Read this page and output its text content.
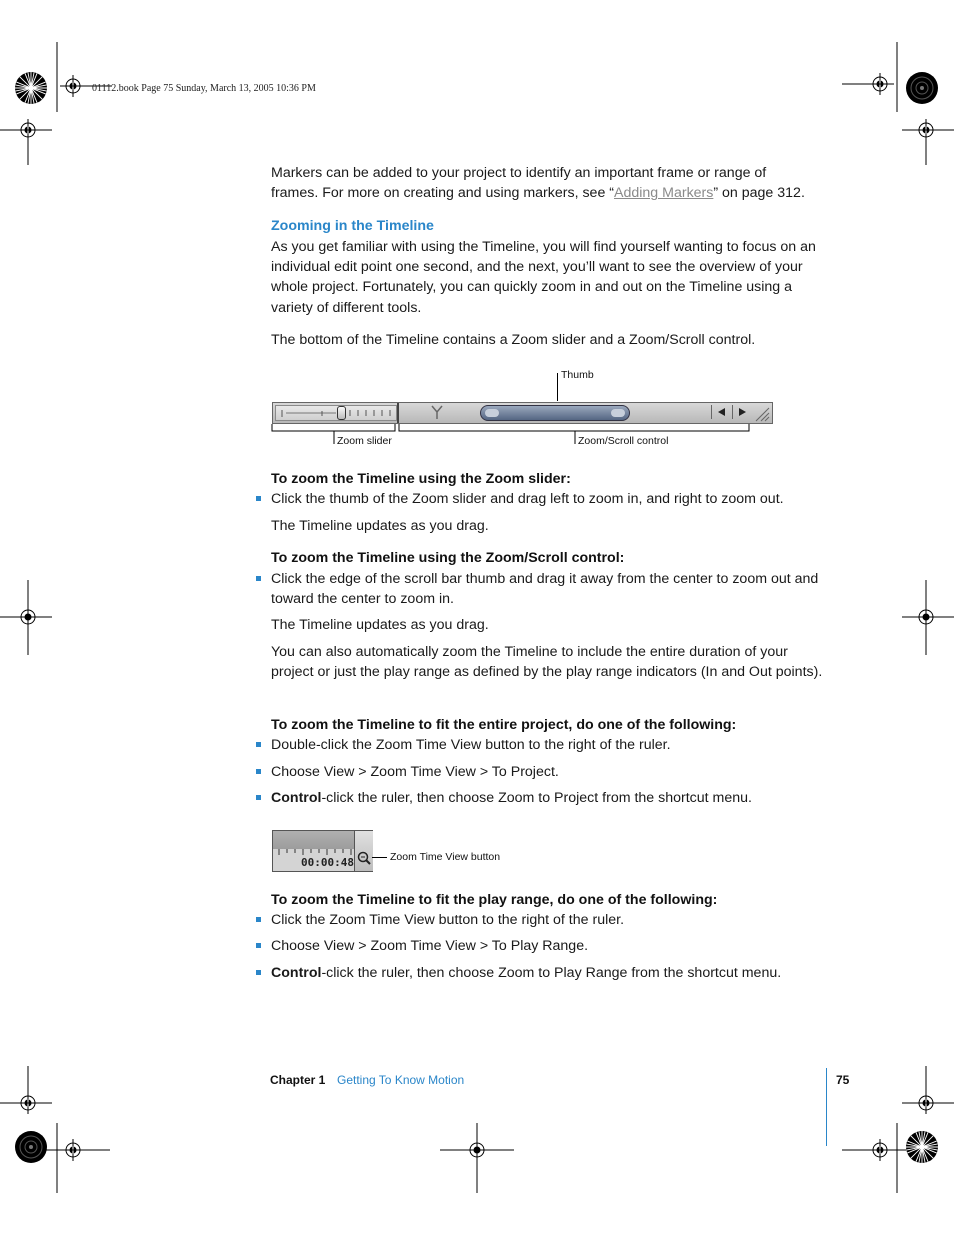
01112.book Page 75 Sunday, March 13, 2005 10:36 PM
Markers can be added to your project to identify an important frame or range of
frames. For more on creating and using markers, see “Adding Markers” on page 312.
Zooming in the Timeline
As you get familiar with using the Timeline, you will find yourself wanting to focus on an individual edit point one second, and the next, you’ll want to see the overview of your whole project. Fortunately, you can quickly zoom in and out on the Timeline using a variety of different tools.
The bottom of the Timeline contains a Zoom slider and a Zoom/Scroll control.
Thumb
Zoom slider	Zoom/Scroll control
To zoom the Timeline using the Zoom slider:
Click the thumb of the Zoom slider and drag left to zoom in, and right to zoom out.
The Timeline updates as you drag.
To zoom the Timeline using the Zoom/Scroll control:
Click the edge of the scroll bar thumb and drag it away from the center to zoom out and toward the center to zoom in.
The Timeline updates as you drag.
You can also automatically zoom the Timeline to include the entire duration of your project or just the play range as defined by the play range indicators (In and Out points).
To zoom the Timeline to fit the entire project, do one of the following:
Double-click the Zoom Time View button to the right of the ruler.
Choose View > Zoom Time View > To Project.
Control-click the ruler, then choose Zoom to Project from the shortcut menu.
00:00:48	Zoom Time View button
To zoom the Timeline to fit the play range, do one of the following:
Click the Zoom Time View button to the right of the ruler.
Choose View > Zoom Time View > To Play Range.
Control-click the ruler, then choose Zoom to Play Range from the shortcut menu.
Chapter 1 Getting To Know Motion	75
